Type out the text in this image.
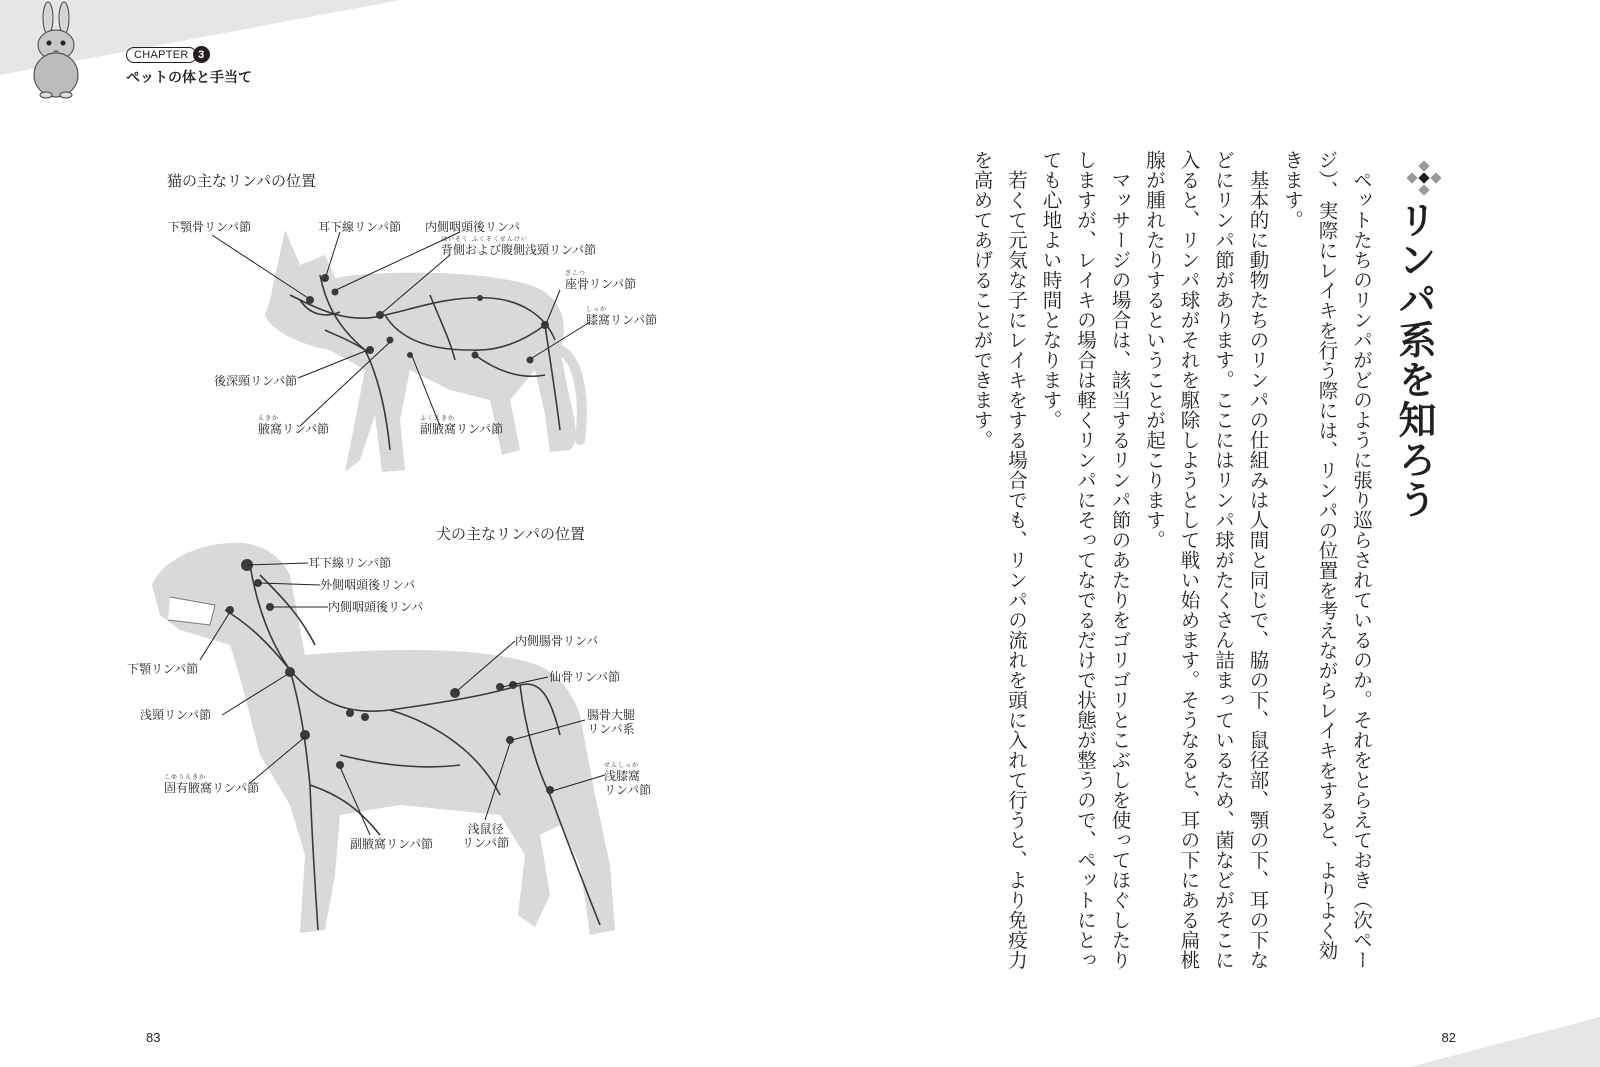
CHAPTER 3
ペットの体と手当て
猫の主なリンパの位置
下顎骨リンパ節	耳下線リンパ節 内側咽頭後リンパ
はいそく ふくそくせんけい
背側および腹側浅頸リンパ節
ざこつ
座骨リンパ節
しっか
膝窩リンパ節
後深頸リンパ節
えきか
腋窩リンパ節
ふくえきか
副腋窩リンパ節
犬の主なリンパの位置
耳下線リンパ節
外側咽頭後リンパ
内側咽頭後リンパ
内側腸骨リンパ
下顎リンパ節
仙骨リンパ節
浅頸リンパ節	腸骨大腿
リンパ系
こゆうえきか
固有腋窩リンパ節
せんしっか
浅膝窩
リンパ節
副腋窩リンパ節
浅鼠径
リンパ節
リンパ系を知ろう

　ペットたちのリンパがどのように張り巡らされているのか。それをとらえておき（次ページ）、実際にレイキを行う際には、リンパの位置を考えながらレイキをすると、よりよく効きます。

　基本的に動物たちのリンパの仕組みは人間と同じで、脇の下、鼠径部、顎の下、耳の下などにリンパ節があります。ここにはリンパ球がたくさん詰まっているため、菌などがそこに入ると、リンパ球がそれを駆除しようとして戦い始めます。そうなると、耳の下にある扁桃腺が腫れたりするということが起こります。

　マッサージの場合は、該当するリンパ節のあたりをゴリゴリとこぶしを使ってほぐしたりしますが、レイキの場合は軽くリンパにそってなでるだけで状態が整うので、ペットにとっても心地よい時間となります。

　若くて元気な子にレイキをする場合でも、リンパの流れを頭に入れて行うと、より免疫力を高めてあげることができます。

83	82
